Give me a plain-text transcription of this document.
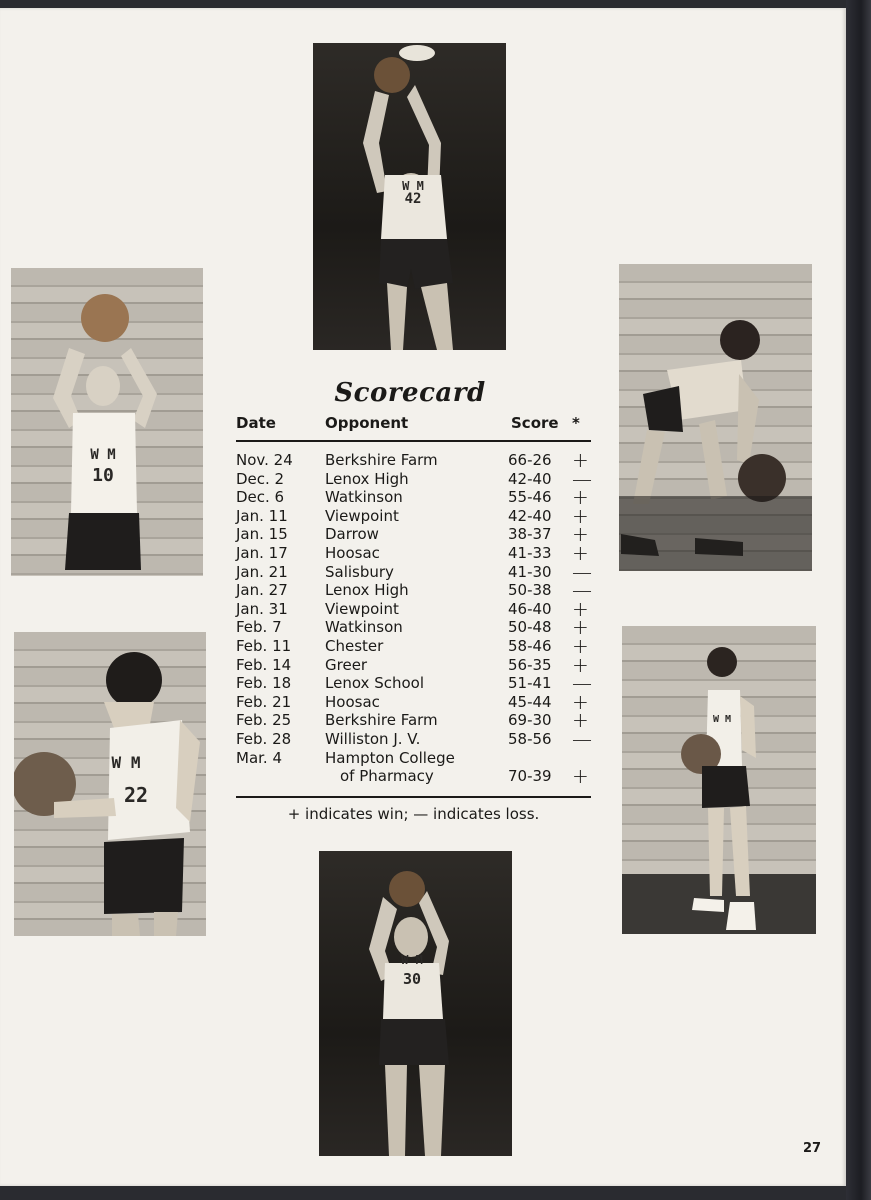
W M
42
W M
10
W M
22
W M
W M
30
Scorecard
Date	Opponent	Score *
Nov. 24 Berkshire Farm	66-26 +
Dec. 2	Lenox High	42-40 —
Dec. 6	Watkinson	55-46 +
Jan. 11 Viewpoint	42-40 +
Jan. 15 Darrow	38-37 +
Jan. 17 Hoosac	41-33 +
Jan. 21 Salisbury	41-30 —
Jan. 27 Lenox High	50-38 —
Jan. 31 Viewpoint	46-40 +
Feb. 7	Watkinson	50-48 +
Feb. 11 Chester	58-46 +
Feb. 14 Greer	56-35 +
Feb. 18 Lenox School	51-41 —
Feb. 21 Hoosac	45-44 +
Feb. 25 Berkshire Farm	69-30 +
Feb. 28 Williston J. V.	58-56 —
Mar. 4	Hampton College
of Pharmacy	70-39 +
+ indicates win; — indicates loss.
27
